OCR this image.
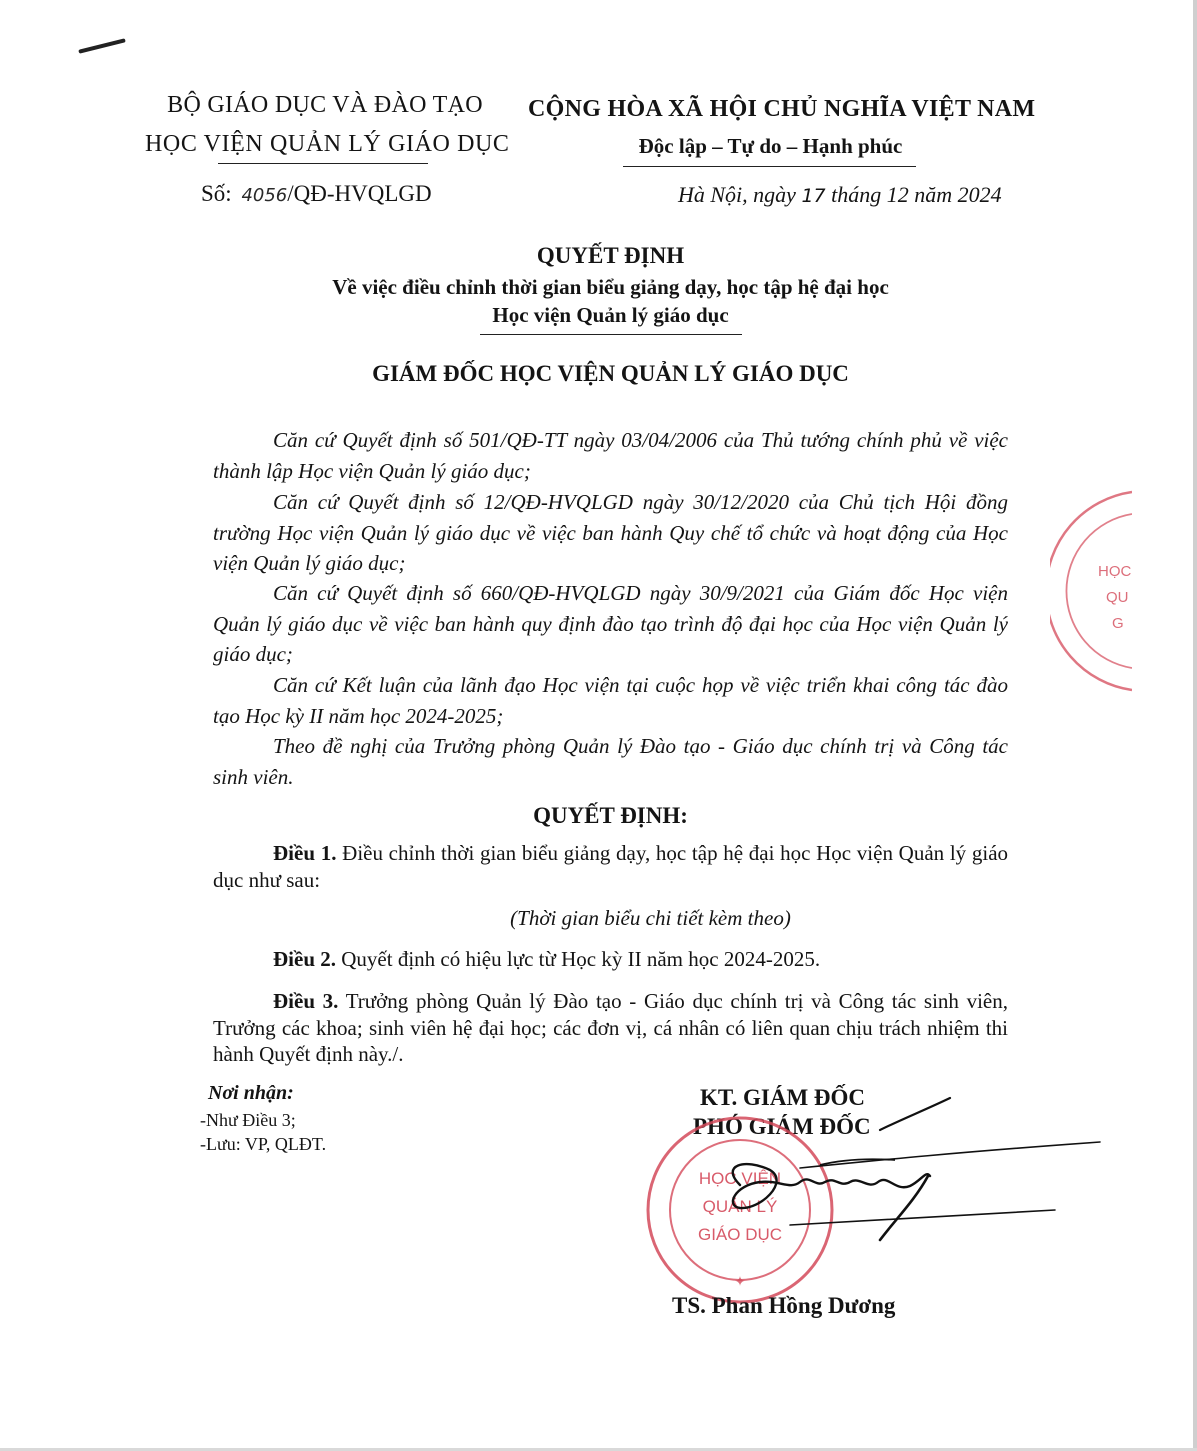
BỘ GIÁO DỤC VÀ ĐÀO TẠO
HỌC VIỆN QUẢN LÝ GIÁO DỤC
Số: 4056/QĐ-HVQLGD
CỘNG HÒA XÃ HỘI CHỦ NGHĨA VIỆT NAM
Độc lập – Tự do – Hạnh phúc
Hà Nội, ngày 17 tháng 12 năm 2024
QUYẾT ĐỊNH
Về việc điều chỉnh thời gian biểu giảng dạy, học tập hệ đại học
Học viện Quản lý giáo dục
GIÁM ĐỐC HỌC VIỆN QUẢN LÝ GIÁO DỤC
Căn cứ Quyết định số 501/QĐ-TT ngày 03/04/2006 của Thủ tướng chính phủ về việc thành lập Học viện Quản lý giáo dục;
Căn cứ Quyết định số 12/QĐ-HVQLGD ngày 30/12/2020 của Chủ tịch Hội đồng trường Học viện Quản lý giáo dục về việc ban hành Quy chế tổ chức và hoạt động của Học viện Quản lý giáo dục;
Căn cứ Quyết định số 660/QĐ-HVQLGD ngày 30/9/2021 của Giám đốc Học viện Quản lý giáo dục về việc ban hành quy định đào tạo trình độ đại học của Học viện Quản lý giáo dục;
Căn cứ Kết luận của lãnh đạo Học viện tại cuộc họp về việc triển khai công tác đào tạo Học kỳ II năm học 2024-2025;
Theo đề nghị của Trưởng phòng Quản lý Đào tạo - Giáo dục chính trị và Công tác sinh viên.
QUYẾT ĐỊNH:
Điều 1. Điều chỉnh thời gian biểu giảng dạy, học tập hệ đại học Học viện Quản lý giáo dục như sau:
(Thời gian biểu chi tiết kèm theo)
Điều 2. Quyết định có hiệu lực từ Học kỳ II năm học 2024-2025.
Điều 3. Trưởng phòng Quản lý Đào tạo - Giáo dục chính trị và Công tác sinh viên, Trưởng các khoa; sinh viên hệ đại học; các đơn vị, cá nhân có liên quan chịu trách nhiệm thi hành Quyết định này./.
Nơi nhận:
-Như Điều 3;
-Lưu: VP, QLĐT.
KT. GIÁM ĐỐC
PHÓ GIÁM ĐỐC
HỌC VIỆN
QUẢN LÝ
GIÁO DỤC
✦
TS. Phan Hồng Dương
HỌC
QU
G
